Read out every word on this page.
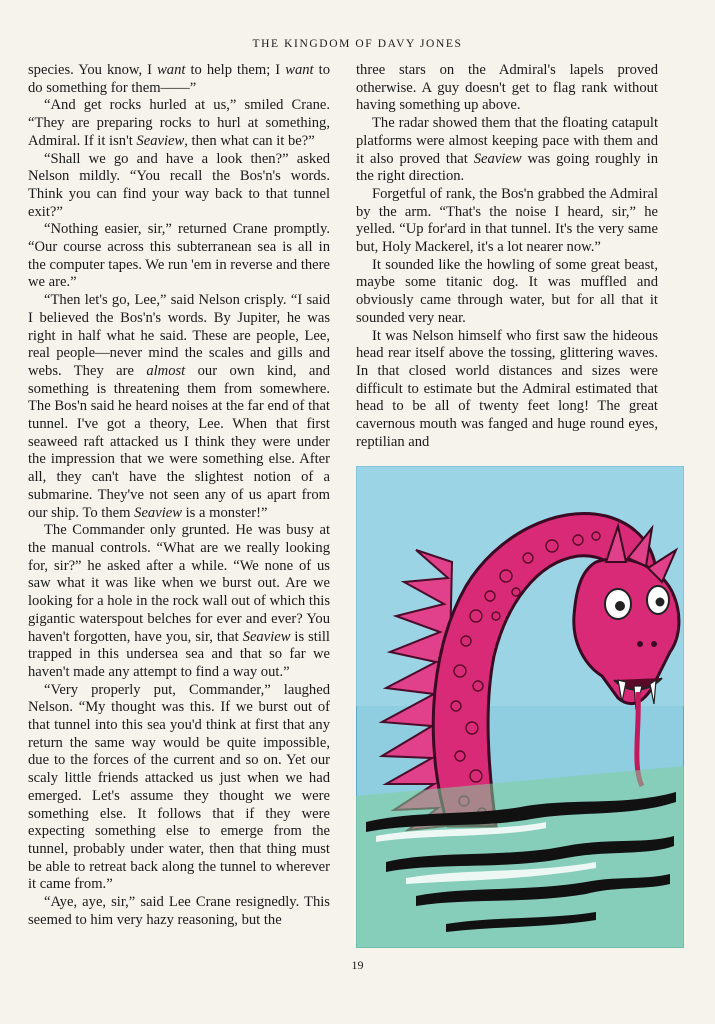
THE KINGDOM OF DAVY JONES

species. You know, I want to help them; I want to do something for them——”

“And get rocks hurled at us,” smiled Crane. “They are preparing rocks to hurl at something, Admiral. If it isn't Seaview, then what can it be?”

“Shall we go and have a look then?” asked Nelson mildly. “You recall the Bos'n's words. Think you can find your way back to that tunnel exit?”

“Nothing easier, sir,” returned Crane promptly. “Our course across this subterranean sea is all in the computer tapes. We run 'em in reverse and there we are.”

“Then let's go, Lee,” said Nelson crisply. “I said I believed the Bos'n's words. By Jupiter, he was right in half what he said. These are people, Lee, real people—never mind the scales and gills and webs. They are almost our own kind, and something is threatening them from somewhere. The Bos'n said he heard noises at the far end of that tunnel. I've got a theory, Lee. When that first seaweed raft attacked us I think they were under the impression that we were something else. After all, they can't have the slightest notion of a submarine. They've not seen any of us apart from our ship. To them Seaview is a monster!”

The Commander only grunted. He was busy at the manual controls. “What are we really looking for, sir?” he asked after a while. “We none of us saw what it was like when we burst out. Are we looking for a hole in the rock wall out of which this gigantic waterspout belches for ever and ever? You haven't forgotten, have you, sir, that Seaview is still trapped in this undersea sea and that so far we haven't made any attempt to find a way out.”

“Very properly put, Commander,” laughed Nelson. “My thought was this. If we burst out of that tunnel into this sea you'd think at first that any return the same way would be quite impossible, due to the forces of the current and so on. Yet our scaly little friends attacked us just when we had emerged. Let's assume they thought we were something else. It follows that if they were expecting something else to emerge from the tunnel, probably under water, then that thing must be able to retreat back along the tunnel to wherever it came from.”

“Aye, aye, sir,” said Lee Crane resignedly. This seemed to him very hazy reasoning, but the

three stars on the Admiral's lapels proved otherwise. A guy doesn't get to flag rank without having something up above.

The radar showed them that the floating catapult platforms were almost keeping pace with them and it also proved that Seaview was going roughly in the right direction.

Forgetful of rank, the Bos'n grabbed the Admiral by the arm. “That's the noise I heard, sir,” he yelled. “Up for'ard in that tunnel. It's the very same but, Holy Mackerel, it's a lot nearer now.”

It sounded like the howling of some great beast, maybe some titanic dog. It was muffled and obviously came through water, but for all that it sounded very near.

It was Nelson himself who first saw the hideous head rear itself above the tossing, glittering waves. In that closed world distances and sizes were difficult to estimate but the Admiral estimated that head to be all of twenty feet long! The great cavernous mouth was fanged and huge round eyes, reptilian and

19
